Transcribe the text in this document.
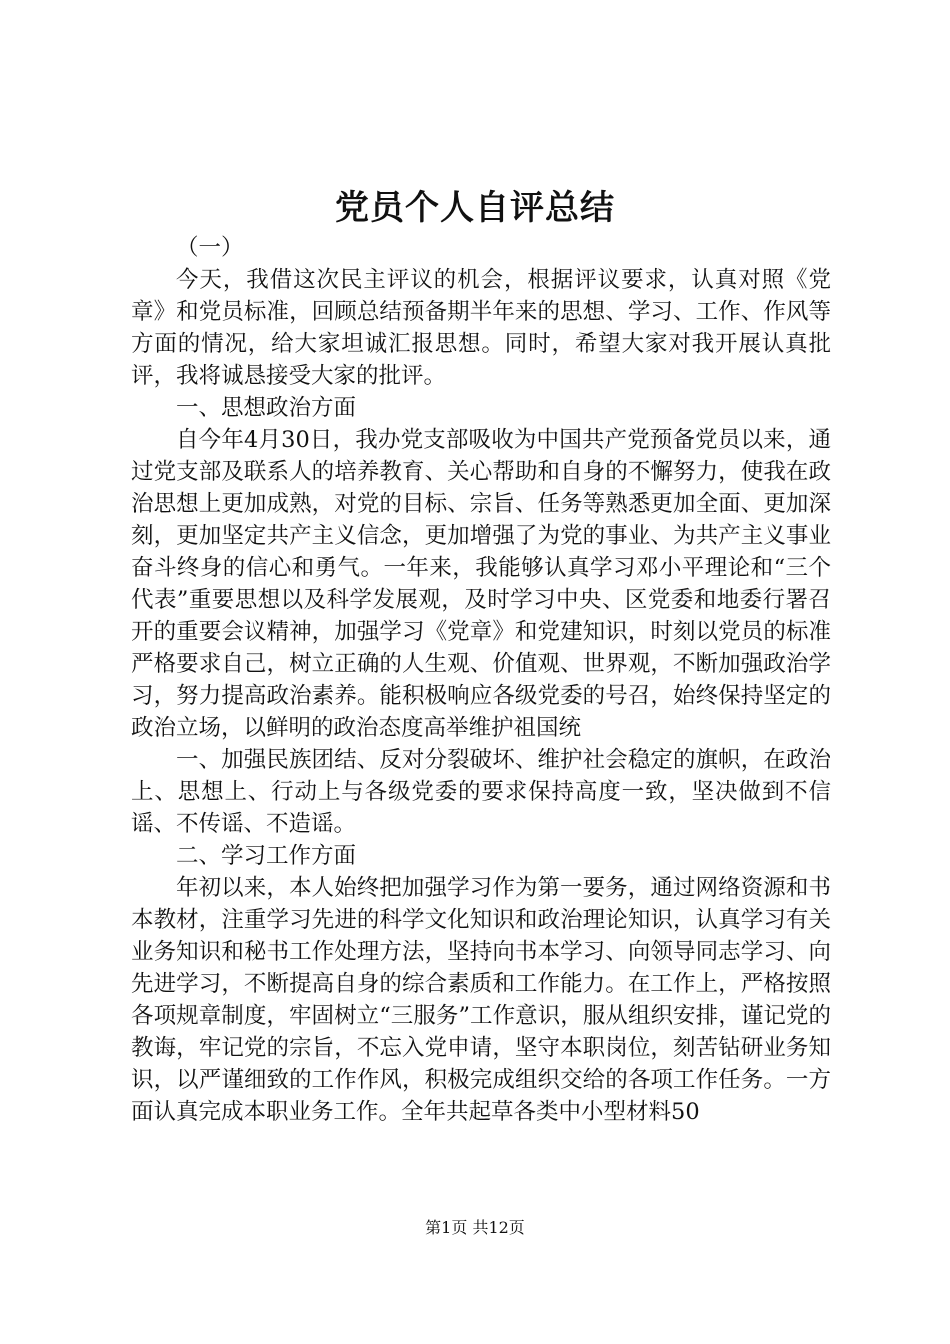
党员个人自评总结

（一）

今天，我借这次民主评议的机会，根据评议要求，认真对照《党章》和党员标准，回顾总结预备期半年来的思想、学习、工作、作风等方面的情况，给大家坦诚汇报思想。同时，希望大家对我开展认真批评，我将诚恳接受大家的批评。

一、思想政治方面

自今年4月30日，我办党支部吸收为中国共产党预备党员以来，通过党支部及联系人的培养教育、关心帮助和自身的不懈努力，使我在政治思想上更加成熟，对党的目标、宗旨、任务等熟悉更加全面、更加深刻，更加坚定共产主义信念，更加增强了为党的事业、为共产主义事业奋斗终身的信心和勇气。一年来，我能够认真学习邓小平理论和“三个代表”重要思想以及科学发展观，及时学习中央、区党委和地委行署召开的重要会议精神，加强学习《党章》和党建知识，时刻以党员的标准严格要求自己，树立正确的人生观、价值观、世界观，不断加强政治学习，努力提高政治素养。能积极响应各级党委的号召，始终保持坚定的政治立场，以鲜明的政治态度高举维护祖国统

一、加强民族团结、反对分裂破坏、维护社会稳定的旗帜，在政治上、思想上、行动上与各级党委的要求保持高度一致，坚决做到不信谣、不传谣、不造谣。

二、学习工作方面

年初以来，本人始终把加强学习作为第一要务，通过网络资源和书本教材，注重学习先进的科学文化知识和政治理论知识，认真学习有关业务知识和秘书工作处理方法，坚持向书本学习、向领导同志学习、向先进学习，不断提高自身的综合素质和工作能力。在工作上，严格按照各项规章制度，牢固树立“三服务”工作意识，服从组织安排，谨记党的教诲，牢记党的宗旨，不忘入党申请，坚守本职岗位，刻苦钻研业务知识，以严谨细致的工作作风，积极完成组织交给的各项工作任务。一方面认真完成本职业务工作。全年共起草各类中小型材料50

第1页 共12页
